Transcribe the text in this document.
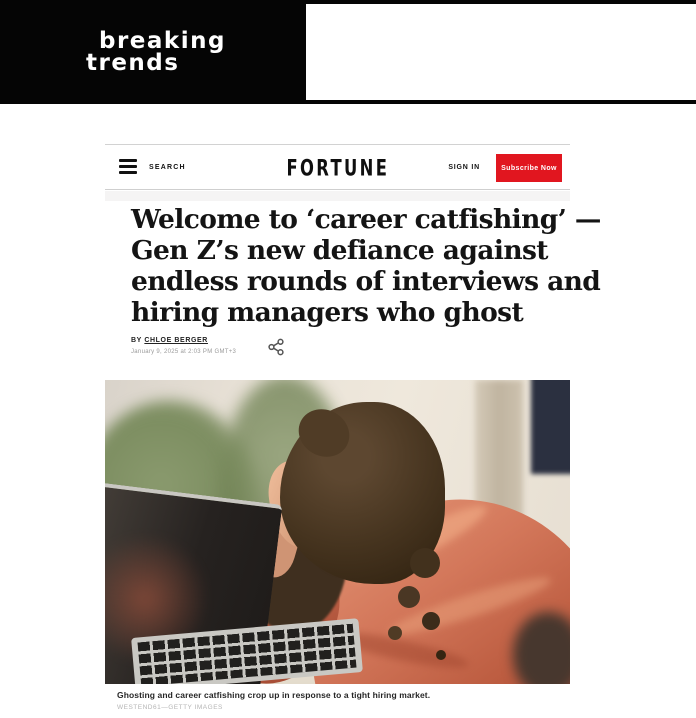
breaking
trends
SEARCH	FORTUNE	SIGN IN	Subscribe Now
Welcome to ‘career catfishing’ —
Gen Z’s new defiance against
endless rounds of interviews and
hiring managers who ghost
BY CHLOE BERGER
January 9, 2025 at 2:03 PM GMT+3
Ghosting and career catfishing crop up in response to a tight hiring market.
WESTEND61—GETTY IMAGES
